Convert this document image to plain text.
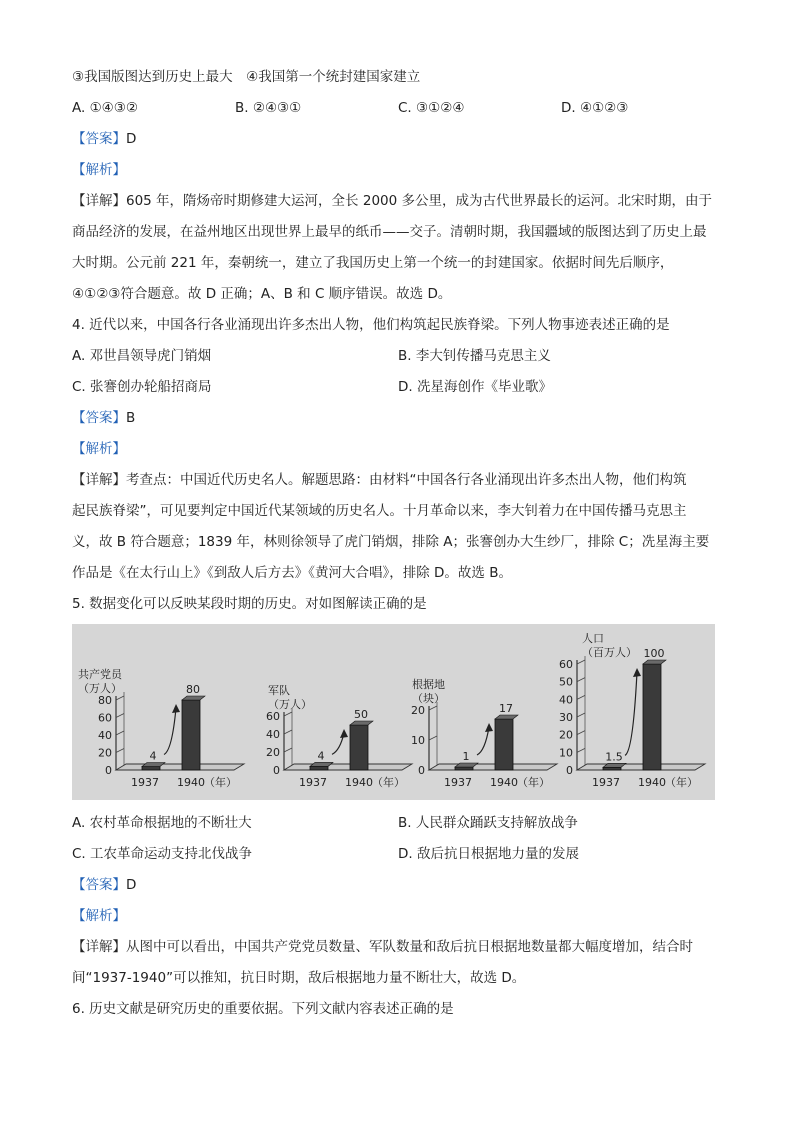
③我国版图达到历史上最大　④我国第一个统封建国家建立
A. ①④③②	B. ②④③①	C. ③①②④	D. ④①②③
【答案】D
【解析】
【详解】605 年，隋炀帝时期修建大运河，全长 2000 多公里，成为古代世界最长的运河。北宋时期，由于
商品经济的发展，在益州地区出现世界上最早的纸币——交子。清朝时期，我国疆域的版图达到了历史上最
大时期。公元前 221 年，秦朝统一，建立了我国历史上第一个统一的封建国家。依据时间先后顺序，
④①②③符合题意。故 D 正确；A、B 和 C 顺序错误。故选 D。
4. 近代以来，中国各行各业涌现出许多杰出人物，他们构筑起民族脊梁。下列人物事迹表述正确的是
A. 邓世昌领导虎门销烟	B. 李大钊传播马克思主义
C. 张謇创办轮船招商局	D. 冼星海创作《毕业歌》
【答案】B
【解析】
【详解】考查点：中国近代历史名人。解题思路：由材料“中国各行各业涌现出许多杰出人物，他们构筑
起民族脊梁”，可见要判定中国近代某领域的历史名人。十月革命以来，李大钊着力在中国传播马克思主
义，故 B 符合题意；1839 年，林则徐领导了虎门销烟，排除 A；张謇创办大生纱厂，排除 C；冼星海主要
作品是《在太行山上》《到敌人后方去》《黄河大合唱》，排除 D。故选 B。
5. 数据变化可以反映某段时期的历史。对如图解读正确的是
共产党员
（万人）
0
20
40
60
80
4
1937
80
1940 （年）
军队
（万人）
0
20
40
60
4
1937
50
1940 （年）
根据地
（块）
0
10
20
1
1937
17
1940 （年）
人口
（百万人）
0
10
20
30
40
50
60
1.5
1937
100
1940 （年）
A. 农村革命根据地的不断壮大	B. 人民群众踊跃支持解放战争
C. 工农革命运动支持北伐战争	D. 敌后抗日根据地力量的发展
【答案】D
【解析】
【详解】从图中可以看出，中国共产党党员数量、军队数量和敌后抗日根据地数量都大幅度增加，结合时
间“1937-1940”可以推知，抗日时期，敌后根据地力量不断壮大，故选 D。
6. 历史文献是研究历史的重要依据。下列文献内容表述正确的是
